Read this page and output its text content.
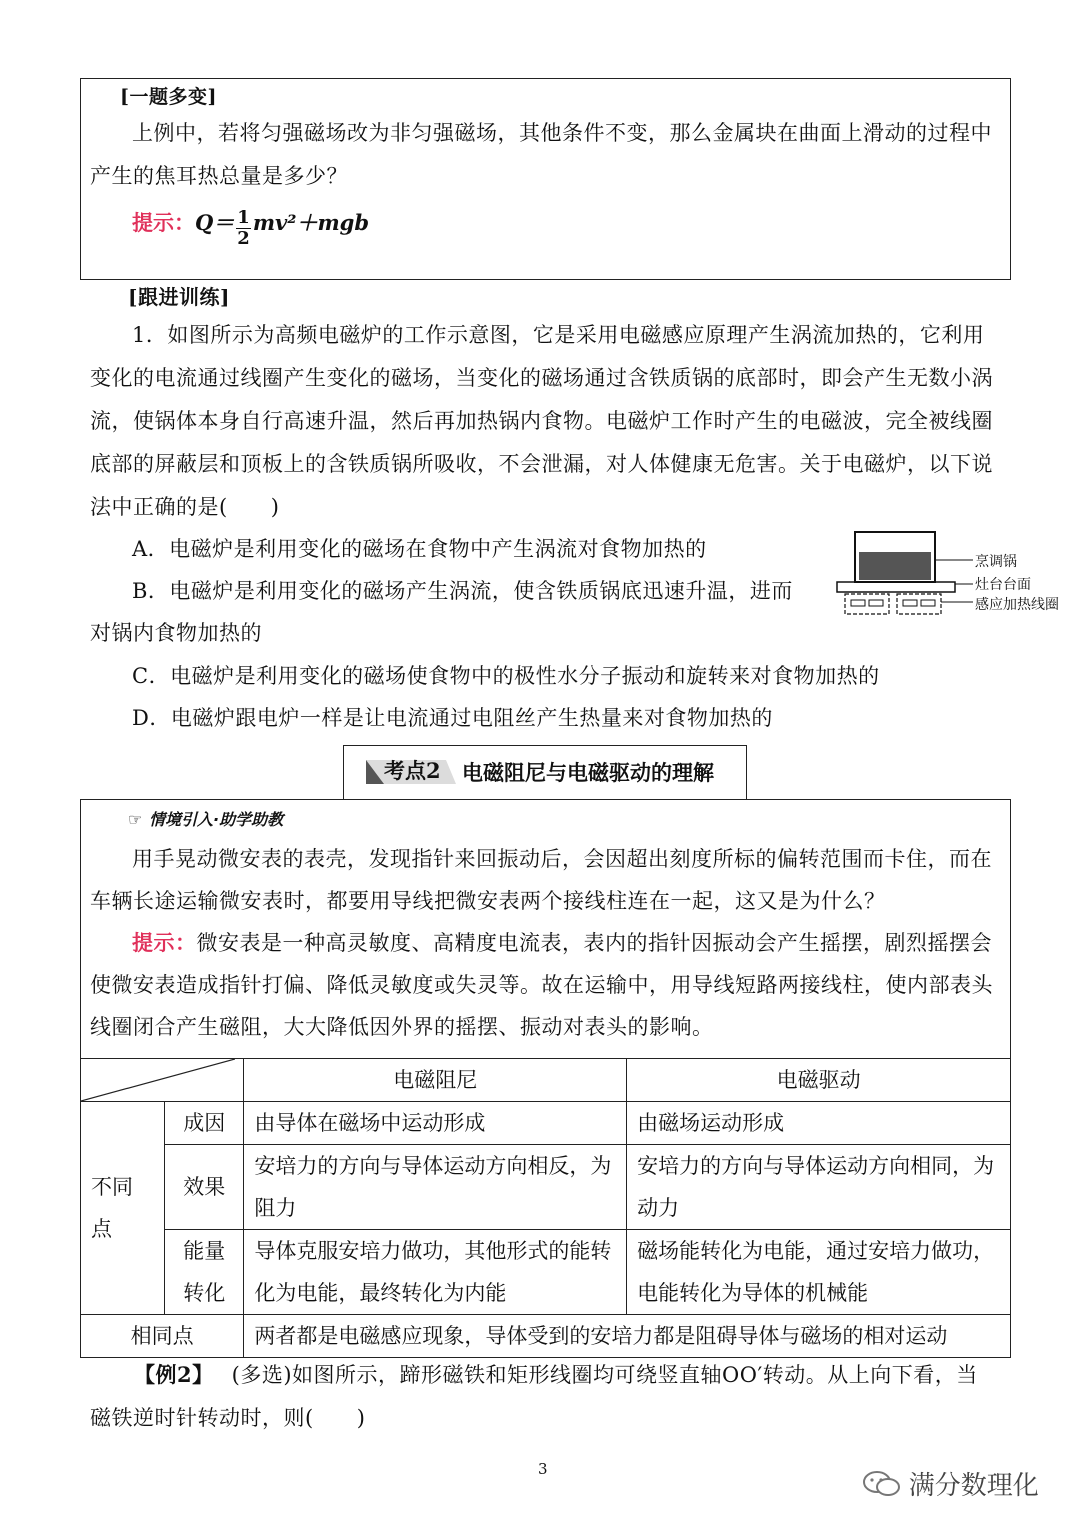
[一题多变]
上例中，若将匀强磁场改为非匀强磁场，其他条件不变，那么金属块在曲面上滑动的过程中
产生的焦耳热总量是多少？
提示：$Q= \frac{1}{2} mv^2+mgb$
[跟进训练]
1．如图所示为高频电磁炉的工作示意图，它是采用电磁感应原理产生涡流加热的，它利用
变化的电流通过线圈产生变化的磁场，当变化的磁场通过含铁质锅的底部时，即会产生无数小涡
流，使锅体本身自行高速升温，然后再加热锅内食物。电磁炉工作时产生的电磁波，完全被线圈
底部的屏蔽层和顶板上的含铁质锅所吸收，不会泄漏，对人体健康无危害。关于电磁炉，以下说
法中正确的是(　　)
A．电磁炉是利用变化的磁场在食物中产生涡流对食物加热的
B．电磁炉是利用变化的磁场产生涡流，使含铁质锅底迅速升温，进而
对锅内食物加热的
C．电磁炉是利用变化的磁场使食物中的极性水分子振动和旋转来对食物加热的
D．电磁炉跟电炉一样是让电流通过电阻丝产生热量来对食物加热的
烹调锅
灶台台面
感应加热线圈
考点2 电磁阻尼与电磁驱动的理解
☞ 情境引入·助学助教
用手晃动微安表的表壳，发现指针来回振动后，会因超出刻度所标的偏转范围而卡住，而在
车辆长途运输微安表时，都要用导线把微安表两个接线柱连在一起，这又是为什么？
提示：微安表是一种高灵敏度、高精度电流表，表内的指针因振动会产生摇摆，剧烈摇摆会
使微安表造成指针打偏、降低灵敏度或失灵等。故在运输中，用导线短路两接线柱，使内部表头
线圈闭合产生磁阻，大大降低因外界的摇摆、振动对表头的影响。
	电磁阻尼	电磁驱动
不同点	成因	由导体在磁场中运动形成	由磁场运动形成
	效果	安培力的方向与导体运动方向相反，为阻力	安培力的方向与导体运动方向相同，为动力
	能量转化	导体克服安培力做功，其他形式的能转化为电能，最终转化为内能	磁场能转化为电能，通过安培力做功，电能转化为导体的机械能
相同点		两者都是电磁感应现象，导体受到的安培力都是阻碍导体与磁场的相对运动	
【例2】 (多选)如图所示，蹄形磁铁和矩形线圈均可绕竖直轴OO′转动。从上向下看，当
磁铁逆时针转动时，则(　　)
3
满分数理化
